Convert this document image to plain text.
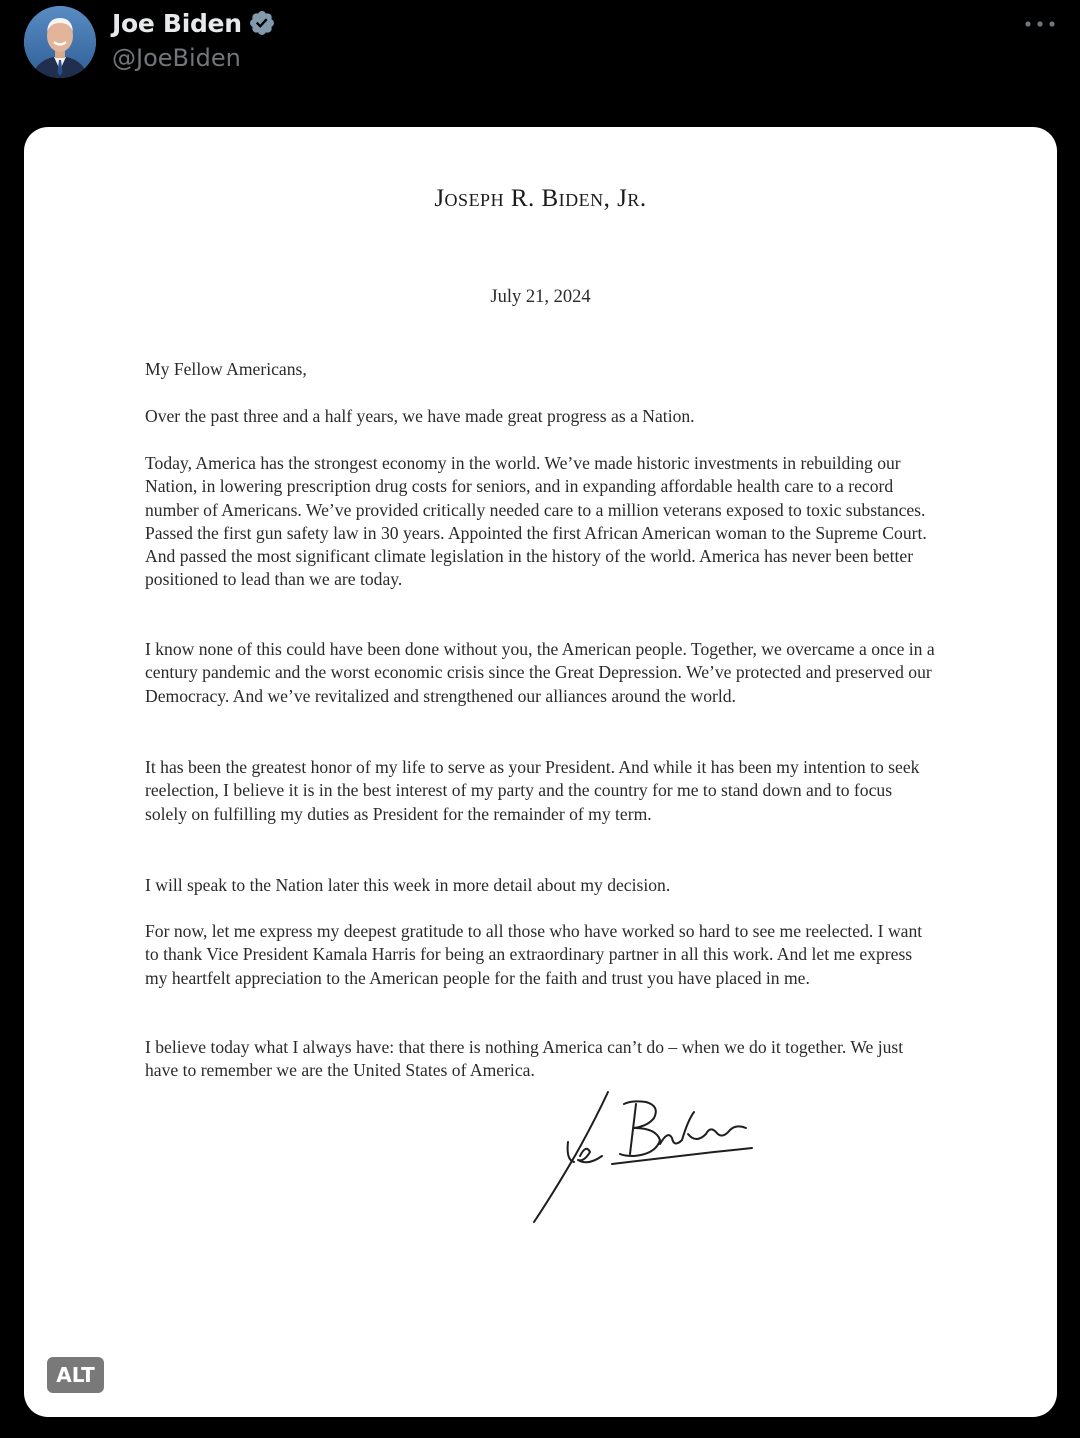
Joe Biden
@JoeBiden
Joseph R. Biden, Jr.
July 21, 2024
My Fellow Americans,
Over the past three and a half years, we have made great progress as a Nation.
Today, America has the strongest economy in the world. We’ve made historic investments in rebuilding our Nation, in lowering prescription drug costs for seniors, and in expanding affordable health care to a record number of Americans. We’ve provided critically needed care to a million veterans exposed to toxic substances. Passed the first gun safety law in 30 years. Appointed the first African American woman to the Supreme Court. And passed the most significant climate legislation in the history of the world. America has never been better positioned to lead than we are today.
I know none of this could have been done without you, the American people. Together, we overcame a once in a century pandemic and the worst economic crisis since the Great Depression. We’ve protected and preserved our Democracy. And we’ve revitalized and strengthened our alliances around the world.
It has been the greatest honor of my life to serve as your President. And while it has been my intention to seek reelection, I believe it is in the best interest of my party and the country for me to stand down and to focus solely on fulfilling my duties as President for the remainder of my term.
I will speak to the Nation later this week in more detail about my decision.
For now, let me express my deepest gratitude to all those who have worked so hard to see me reelected. I want to thank Vice President Kamala Harris for being an extraordinary partner in all this work. And let me express my heartfelt appreciation to the American people for the faith and trust you have placed in me.
I believe today what I always have: that there is nothing America can’t do – when we do it together. We just have to remember we are the United States of America.
ALT
